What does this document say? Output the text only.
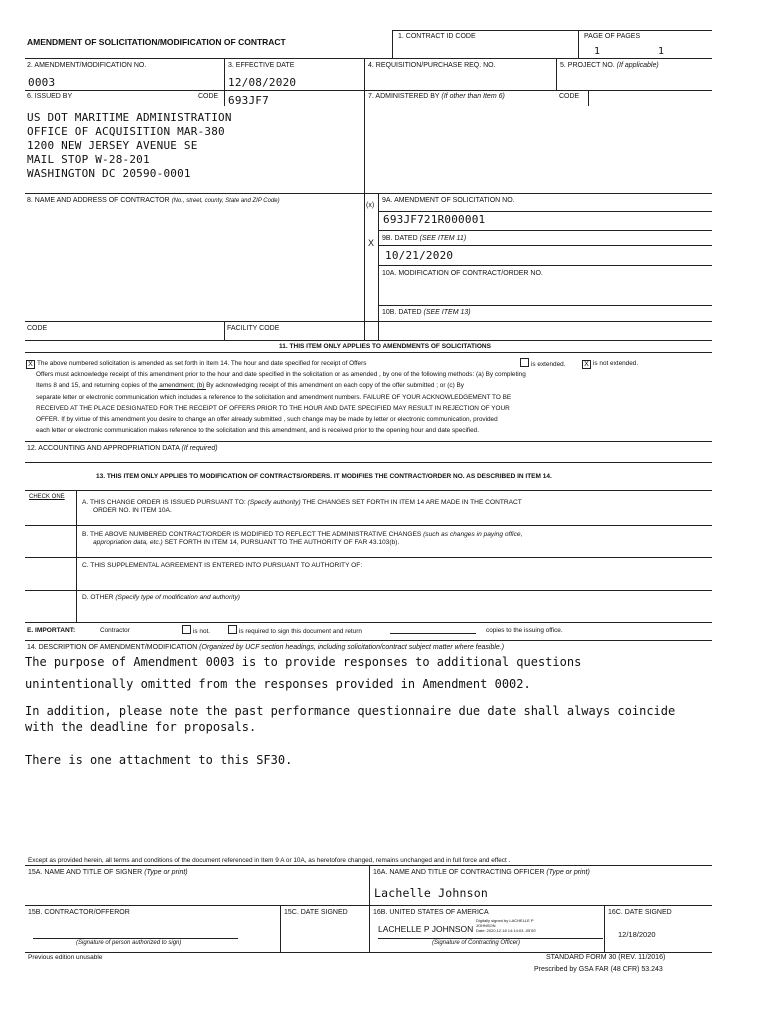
AMENDMENT OF SOLICITATION/MODIFICATION OF CONTRACT
1. CONTRACT ID CODE	PAGE OF PAGES
1	1
2. AMENDMENT/MODIFICATION NO.
0003
3. EFFECTIVE DATE
12/08/2020
4. REQUISITION/PURCHASE REQ. NO.	5. PROJECT NO. (If applicable)
6. ISSUED BY	CODE 693JF7	7. ADMINISTERED BY (If other than Item 6)	CODE
US DOT MARITIME ADMINISTRATION
OFFICE OF ACQUISITION MAR-380
1200 NEW JERSEY AVENUE SE
MAIL STOP W-28-201
WASHINGTON DC 20590-0001
8. NAME AND ADDRESS OF CONTRACTOR (No., street, county, State and ZIP Code)
(x)
9A. AMENDMENT OF SOLICITATION NO.
693JF721R000001
9B. DATED (SEE ITEM 11)
X
10/21/2020
10A. MODIFICATION OF CONTRACT/ORDER NO.
10B. DATED (SEE ITEM 13)
CODE	FACILITY CODE
11. THIS ITEM ONLY APPLIES TO AMENDMENTS OF SOLICITATIONS
X The above numbered solicitation is amended as set forth in Item 14. The hour and date specified for receipt of Offers	is extended.	X is not extended.
Offers must acknowledge receipt of this amendment prior to the hour and date specified in the solicitation or as amended , by one of the following methods: (a) By completing
Items 8 and 15, and returning copies of the amendment; (b) By acknowledging receipt of this amendment on each copy of the offer submitted ; or (c) By
separate letter or electronic communication which includes a reference to the solicitation and amendment numbers. FAILURE OF YOUR ACKNOWLEDGEMENT TO BE
RECEIVED AT THE PLACE DESIGNATED FOR THE RECEIPT OF OFFERS PRIOR TO THE HOUR AND DATE SPECIFIED MAY RESULT IN REJECTION OF YOUR
OFFER. If by virtue of this amendment you desire to change an offer already submitted , such change may be made by letter or electronic communication, provided
each letter or electronic communication makes reference to the solicitation and this amendment, and is received prior to the opening hour and date specified.
12. ACCOUNTING AND APPROPRIATION DATA (If required)
13. THIS ITEM ONLY APPLIES TO MODIFICATION OF CONTRACTS/ORDERS. IT MODIFIES THE CONTRACT/ORDER NO. AS DESCRIBED IN ITEM 14.
CHECK ONE
A. THIS CHANGE ORDER IS ISSUED PURSUANT TO: (Specify authority) THE CHANGES SET FORTH IN ITEM 14 ARE MADE IN THE CONTRACT
ORDER NO. IN ITEM 10A.
B. THE ABOVE NUMBERED CONTRACT/ORDER IS MODIFIED TO REFLECT THE ADMINISTRATIVE CHANGES (such as changes in paying office,
appropriation data, etc.) SET FORTH IN ITEM 14, PURSUANT TO THE AUTHORITY OF FAR 43.103(b).
C. THIS SUPPLEMENTAL AGREEMENT IS ENTERED INTO PURSUANT TO AUTHORITY OF:
D. OTHER (Specify type of modification and authority)
E. IMPORTANT:	Contractor	is not.	is required to sign this document and return	copies to the issuing office.
14. DESCRIPTION OF AMENDMENT/MODIFICATION (Organized by UCF section headings, including solicitation/contract subject matter where feasible.)
The purpose of Amendment 0003 is to provide responses to additional questions
unintentionally omitted from the responses provided in Amendment 0002.
In addition, please note the past performance questionnaire due date shall always coincide
with the deadline for proposals.
There is one attachment to this SF30.
Except as provided herein, all terms and conditions of the document referenced in Item 9 A or 10A, as heretofore changed, remains unchanged and in full force and effect .
15A. NAME AND TITLE OF SIGNER (Type or print)	16A. NAME AND TITLE OF CONTRACTING OFFICER (Type or print)
Lachelle Johnson
15B. CONTRACTOR/OFFEROR	15C. DATE SIGNED	16B. UNITED STATES OF AMERICA	16C. DATE SIGNED
LACHELLE P JOHNSON
Digitally signed by LACHELLE P
JOHNSON
Date: 2020.12.18 14:14:03 -05'00'	12/18/2020
(Signature of person authorized to sign)	(Signature of Contracting Officer)
Previous edition unusable	STANDARD FORM 30 (REV. 11/2016)
Prescribed by GSA FAR (48 CFR) 53.243
